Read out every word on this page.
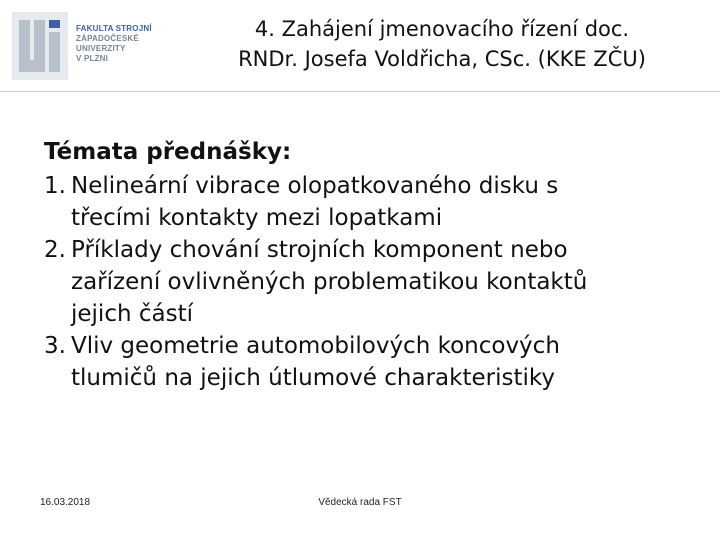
FAKULTA STROJNÍ
ZÁPADOČESKÉ
UNIVERZITY
V PLZNI
4. Zahájení jmenovacího řízení doc.
RNDr. Josefa Voldřicha, CSc. (KKE ZČU)
Témata přednášky:
1. Nelineární vibrace olopatkovaného disku s
třecími kontakty mezi lopatkami
2. Příklady chování strojních komponent nebo
zařízení ovlivněných problematikou kontaktů
jejich částí
3. Vliv geometrie automobilových koncových
tlumičů na jejich útlumové charakteristiky
16.03.2018	Vědecká rada FST
